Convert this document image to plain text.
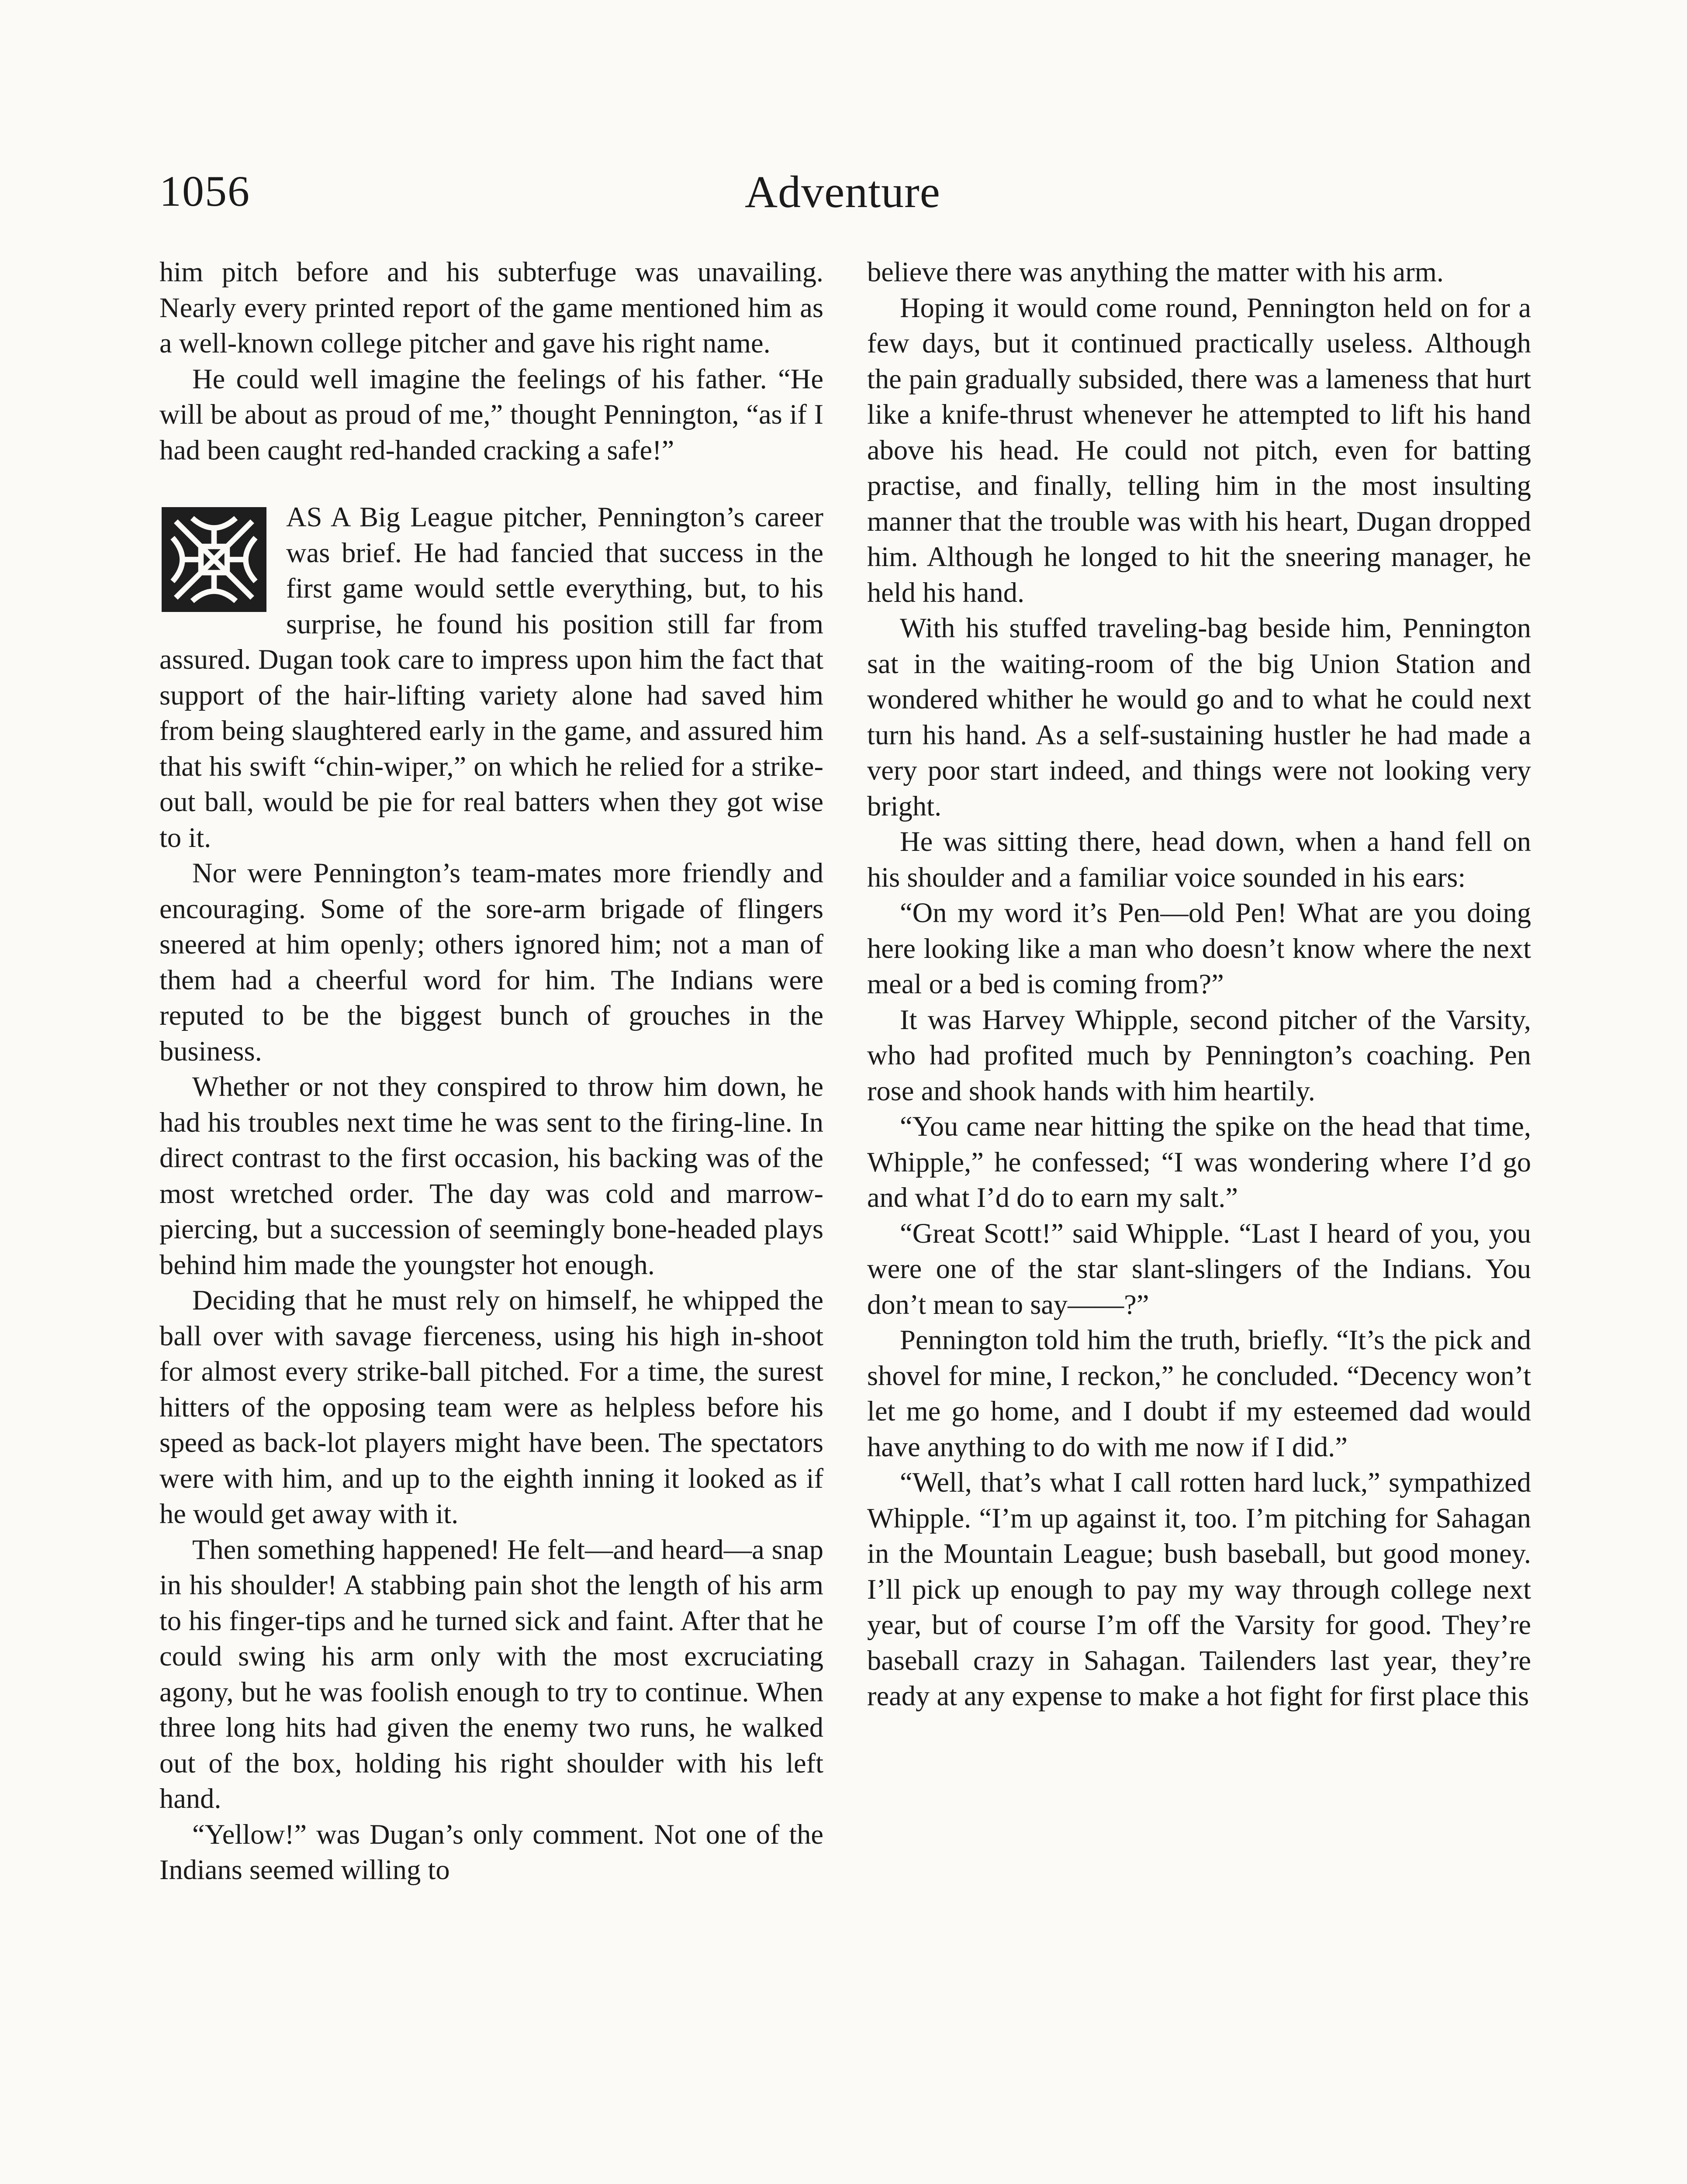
1056	Adventure

him pitch before and his subterfuge was unavailing. Nearly every printed report of the game mentioned him as a well-known college pitcher and gave his right name.

He could well imagine the feelings of his father. “He will be about as proud of me,” thought Pennington, “as if I had been caught red-handed cracking a safe!”

AS A Big League pitcher, Pennington’s career was brief. He had fancied that success in the first game would settle everything, but, to his surprise, he found his position still far from assured. Dugan took care to impress upon him the fact that support of the hair-lifting variety alone had saved him from being slaughtered early in the game, and assured him that his swift “chin-wiper,” on which he relied for a strike-out ball, would be pie for real batters when they got wise to it.

Nor were Pennington’s team-mates more friendly and encouraging. Some of the sore-arm brigade of flingers sneered at him openly; others ignored him; not a man of them had a cheerful word for him. The Indians were reputed to be the biggest bunch of grouches in the business.

Whether or not they conspired to throw him down, he had his troubles next time he was sent to the firing-line. In direct contrast to the first occasion, his backing was of the most wretched order. The day was cold and marrow-piercing, but a succession of seemingly bone-headed plays behind him made the youngster hot enough.

Deciding that he must rely on himself, he whipped the ball over with savage fierceness, using his high in-shoot for almost every strike-ball pitched. For a time, the surest hitters of the opposing team were as helpless before his speed as back-lot players might have been. The spectators were with him, and up to the eighth inning it looked as if he would get away with it.

Then something happened! He felt—and heard—a snap in his shoulder! A stabbing pain shot the length of his arm to his finger-tips and he turned sick and faint. After that he could swing his arm only with the most excruciating agony, but he was foolish enough to try to continue. When three long hits had given the enemy two runs, he walked out of the box, holding his right shoulder with his left hand.

“Yellow!” was Dugan’s only comment. Not one of the Indians seemed willing to

believe there was anything the matter with his arm.

Hoping it would come round, Pennington held on for a few days, but it continued practically useless. Although the pain gradually subsided, there was a lameness that hurt like a knife-thrust whenever he attempted to lift his hand above his head. He could not pitch, even for batting practise, and finally, telling him in the most insulting manner that the trouble was with his heart, Dugan dropped him. Although he longed to hit the sneering manager, he held his hand.

With his stuffed traveling-bag beside him, Pennington sat in the waiting-room of the big Union Station and wondered whither he would go and to what he could next turn his hand. As a self-sustaining hustler he had made a very poor start indeed, and things were not looking very bright.

He was sitting there, head down, when a hand fell on his shoulder and a familiar voice sounded in his ears:

“On my word it’s Pen—old Pen! What are you doing here looking like a man who doesn’t know where the next meal or a bed is coming from?”

It was Harvey Whipple, second pitcher of the Varsity, who had profited much by Pennington’s coaching. Pen rose and shook hands with him heartily.

“You came near hitting the spike on the head that time, Whipple,” he confessed; “I was wondering where I’d go and what I’d do to earn my salt.”

“Great Scott!” said Whipple. “Last I heard of you, you were one of the star slant-slingers of the Indians. You don’t mean to say——?”

Pennington told him the truth, briefly. “It’s the pick and shovel for mine, I reckon,” he concluded. “Decency won’t let me go home, and I doubt if my esteemed dad would have anything to do with me now if I did.”

“Well, that’s what I call rotten hard luck,” sympathized Whipple. “I’m up against it, too. I’m pitching for Sahagan in the Mountain League; bush baseball, but good money. I’ll pick up enough to pay my way through college next year, but of course I’m off the Varsity for good. They’re baseball crazy in Sahagan. Tailenders last year, they’re ready at any expense to make a hot fight for first place this
